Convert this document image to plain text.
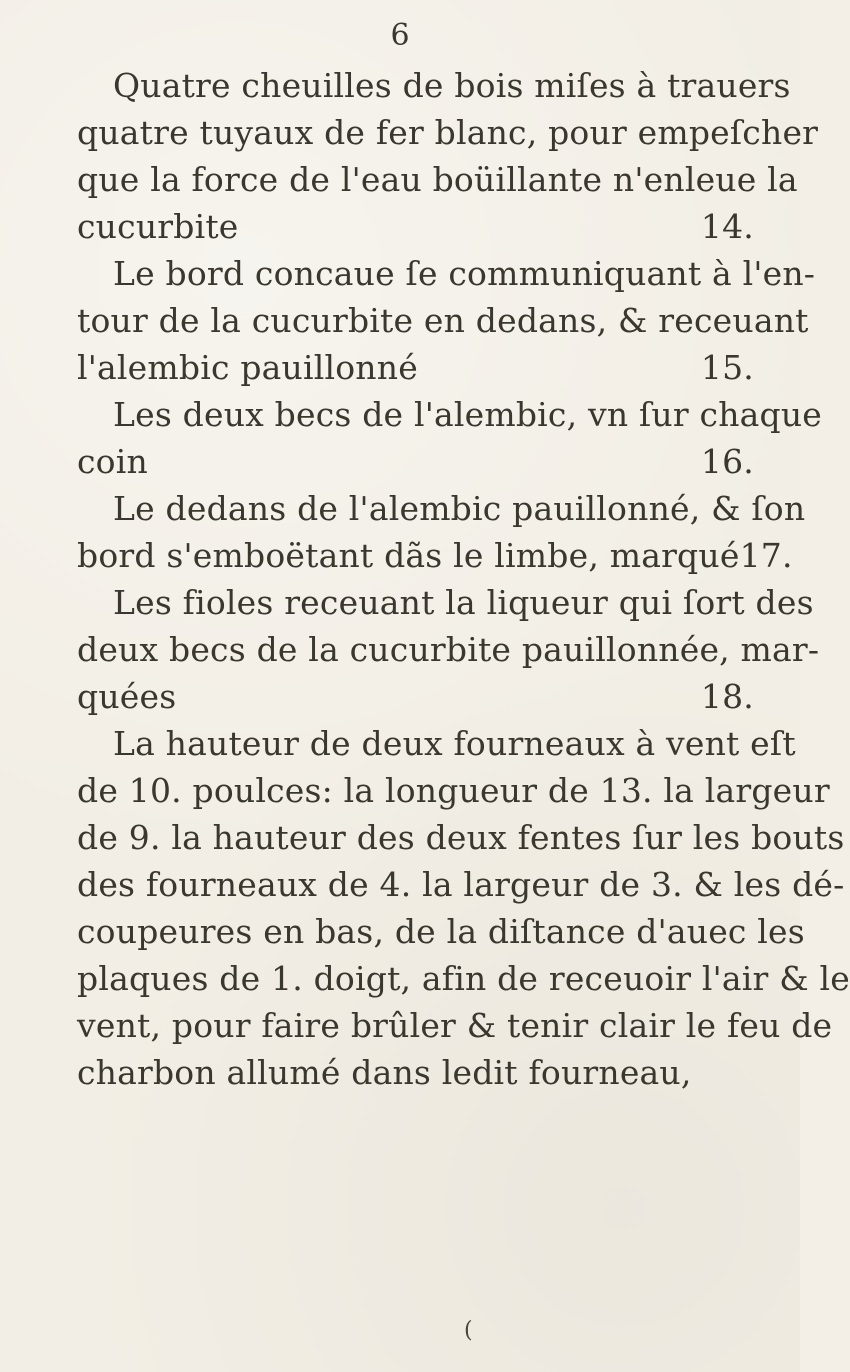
6
Quatre cheuilles de bois miſes à trauers
quatre tuyaux de fer blanc, pour empeſcher
que la force de l'eau boüillante n'enleue la
cucurbite	14.
Le bord concaue ſe communiquant à l'en-
tour de la cucurbite en dedans, & receuant
l'alembic pauillonné	15.
Les deux becs de l'alembic, vn ſur chaque
coin	16.
Le dedans de l'alembic pauillonné, & ſon
bord s'emboëtant dãs le limbe, marqué 17.
Les fioles receuant la liqueur qui ſort des
deux becs de la cucurbite pauillonnée, mar-
quées	18.
La hauteur de deux fourneaux à vent eſt
de 10. poulces: la longueur de 13. la largeur
de 9. la hauteur des deux fentes ſur les bouts
des fourneaux de 4. la largeur de 3. & les dé-
coupeures en bas, de la diſtance d'auec les
plaques de 1. doigt, afin de receuoir l'air & le
vent, pour faire brûler & tenir clair le feu de
charbon allumé dans ledit fourneau,
(
